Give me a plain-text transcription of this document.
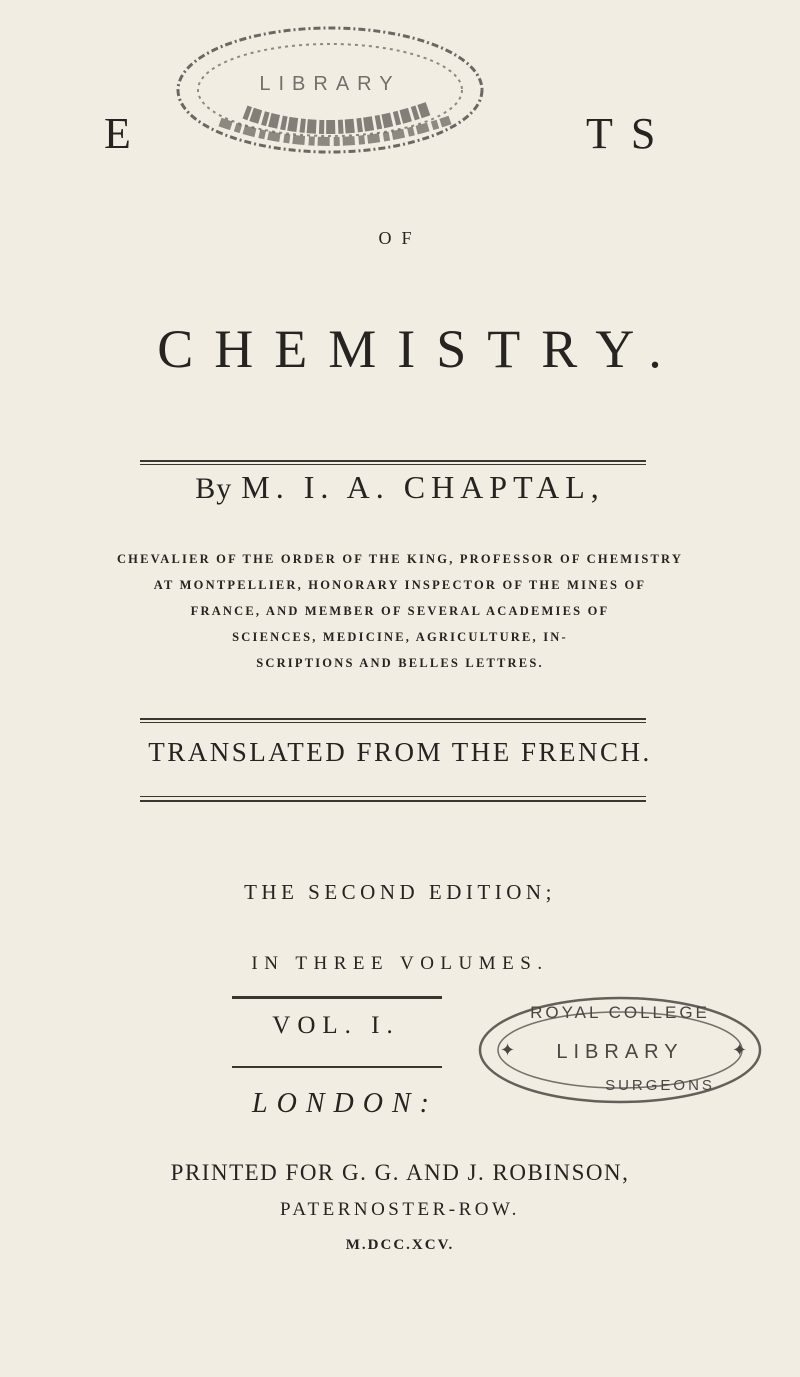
LIBRARY
E	TS
OF
CHEMISTRY.
By M. I. A. CHAPTAL,
CHEVALIER OF THE ORDER OF THE KING, PROFESSOR OF CHEMISTRY
AT MONTPELLIER, HONORARY INSPECTOR OF THE MINES OF
FRANCE, AND MEMBER OF SEVERAL ACADEMIES OF
SCIENCES, MEDICINE, AGRICULTURE, IN-
SCRIPTIONS AND BELLES LETTRES.
TRANSLATED FROM THE FRENCH.
THE SECOND EDITION;
IN THREE VOLUMES.
VOL. I.
LONDON:
ROYAL COLLEGE
LIBRARY
SURGEONS
✦	✦
PRINTED FOR G. G. AND J. ROBINSON,
PATERNOSTER-ROW.
M.DCC.XCV.
